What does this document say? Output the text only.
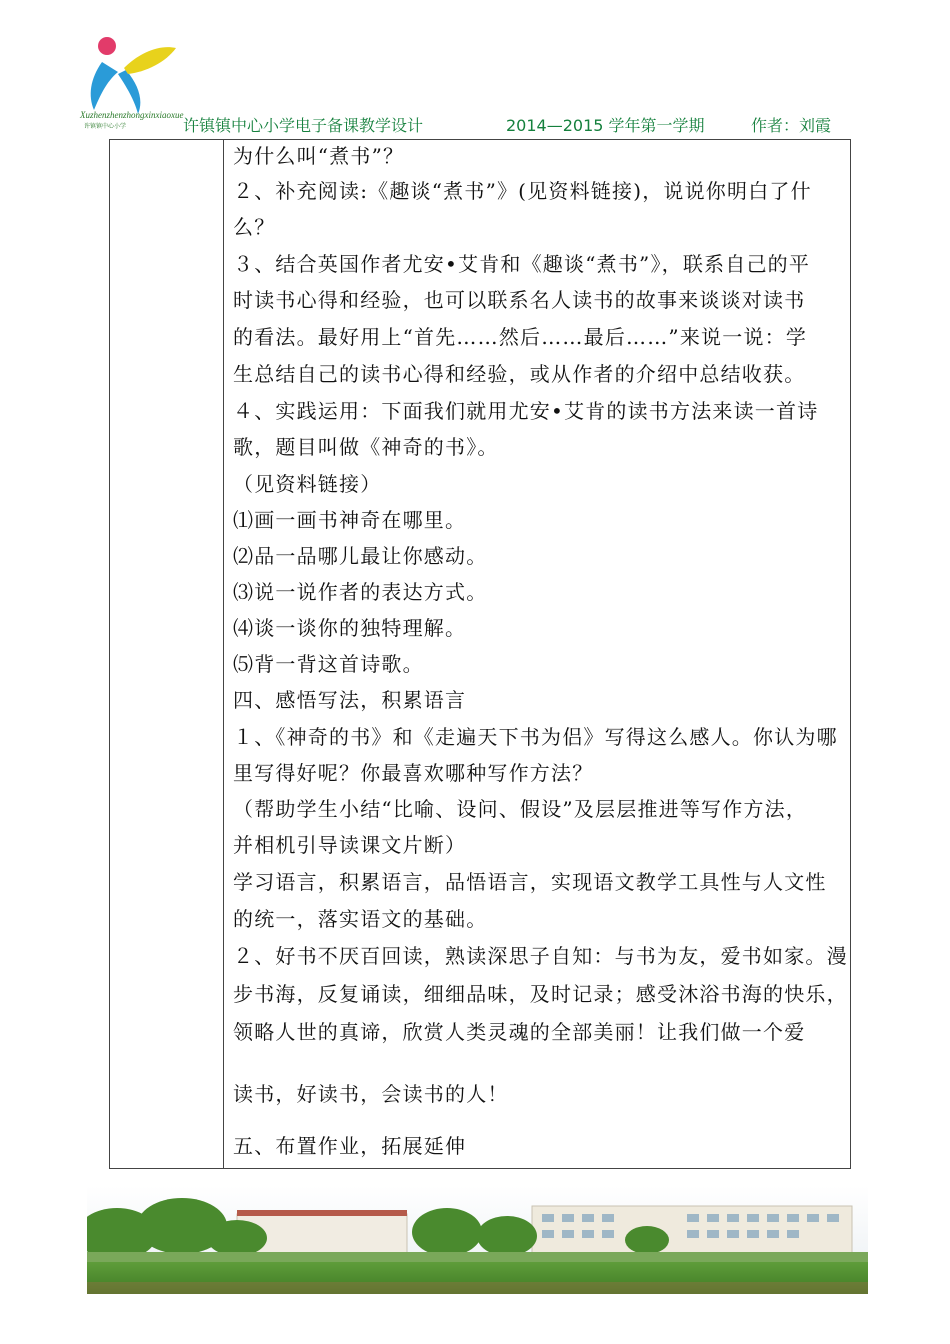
Xuzhenzhenzhongxinxiaoxue
许镇镇中心小学	许镇镇中心小学电子备课教学设计	2014—2015 学年第一学期	作者：刘霞
为什么叫“煮书”？
２、补充阅读:《趣谈“煮书”》(见资料链接)，说说你明白了什
么？
３、结合英国作者尤安•艾肯和《趣谈“煮书”》，联系自己的平
时读书心得和经验，也可以联系名人读书的故事来谈谈对读书
的看法。最好用上“首先……然后……最后……”来说一说：学
生总结自己的读书心得和经验，或从作者的介绍中总结收获。
４、实践运用：下面我们就用尤安•艾肯的读书方法来读一首诗
歌，题目叫做《神奇的书》。
（见资料链接）
⑴画一画书神奇在哪里。
⑵品一品哪儿最让你感动。
⑶说一说作者的表达方式。
⑷谈一谈你的独特理解。
⑸背一背这首诗歌。
四、感悟写法，积累语言
１、《神奇的书》和《走遍天下书为侣》写得这么感人。你认为哪
里写得好呢？你最喜欢哪种写作方法？
（帮助学生小结“比喻、设问、假设”及层层推进等写作方法，
并相机引导读课文片断）
学习语言，积累语言，品悟语言，实现语文教学工具性与人文性
的统一，落实语文的基础。
２、好书不厌百回读，熟读深思子自知：与书为友，爱书如家。漫
步书海，反复诵读，细细品味，及时记录；感受沐浴书海的快乐，
领略人世的真谛，欣赏人类灵魂的全部美丽！让我们做一个爱
读书，好读书，会读书的人！
五、布置作业，拓展延伸
